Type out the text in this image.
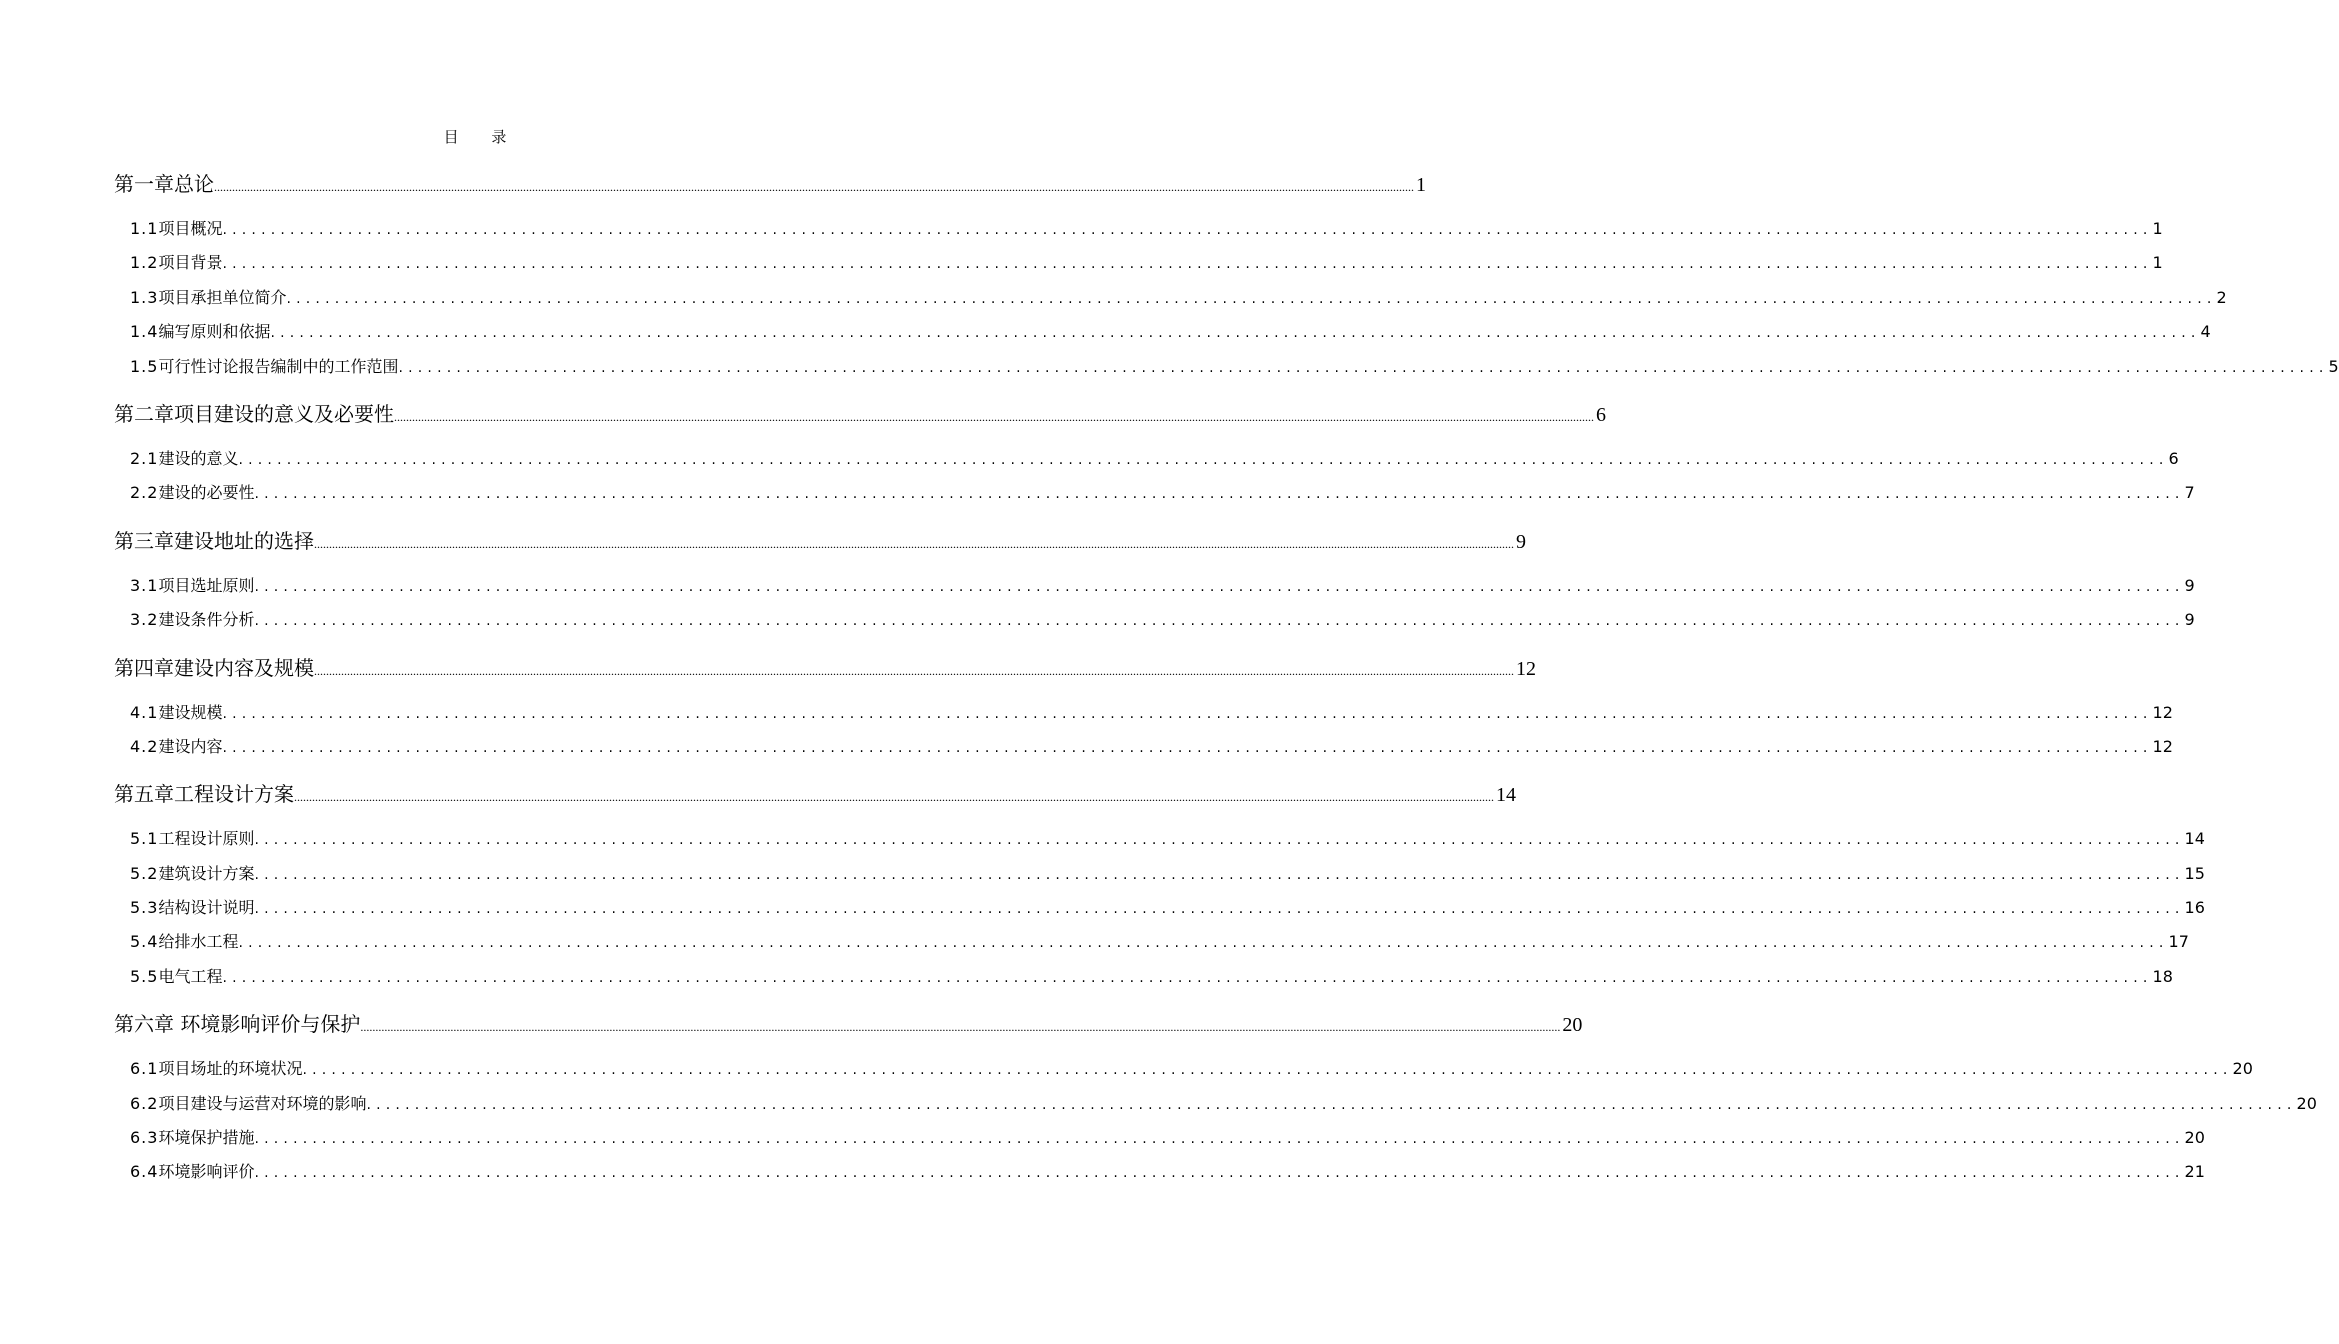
目 录
第一章 总论 ................................................................................................................................................................................................................................................................................................................................................................................................................ 1
1.1 项目概况 ........................................................................................................................................................................................................ 1
1.2 项目背景 ........................................................................................................................................................................................................ 1
1.3 项目承担单位简介 ........................................................................................................................................................................................................ 2
1.4 编写原则和依据 ........................................................................................................................................................................................................ 4
1.5 可行性讨论报告编制中的工作范围 ........................................................................................................................................................................................................ 5
第二章 项目建设的意义及必要性 ................................................................................................................................................................................................................................................................................................................................................................................................................ 6
2.1 建设的意义 ........................................................................................................................................................................................................ 6
2.2 建设的必要性 ........................................................................................................................................................................................................ 7
第三章 建设地址的选择 ................................................................................................................................................................................................................................................................................................................................................................................................................ 9
3.1 项目选址原则 ........................................................................................................................................................................................................ 9
3.2 建设条件分析 ........................................................................................................................................................................................................ 9
第四章 建设内容及规模 ................................................................................................................................................................................................................................................................................................................................................................................................................ 12
4.1 建设规模 ........................................................................................................................................................................................................ 12
4.2 建设内容 ........................................................................................................................................................................................................ 12
第五章 工程设计方案 ................................................................................................................................................................................................................................................................................................................................................................................................................ 14
5.1 工程设计原则 ........................................................................................................................................................................................................ 14
5.2 建筑设计方案 ........................................................................................................................................................................................................ 15
5.3 结构设计说明 ........................................................................................................................................................................................................ 16
5.4 给排水工程 ........................................................................................................................................................................................................ 17
5.5 电气工程 ........................................................................................................................................................................................................ 18
第六章 环境影响评价与保护 ................................................................................................................................................................................................................................................................................................................................................................................................................ 20
6.1 项目场址的环境状况 ........................................................................................................................................................................................................ 20
6.2 项目建设与运营对环境的影响 ........................................................................................................................................................................................................ 20
6.3 环境保护措施 ........................................................................................................................................................................................................ 20
6.4 环境影响评价 ........................................................................................................................................................................................................ 21
